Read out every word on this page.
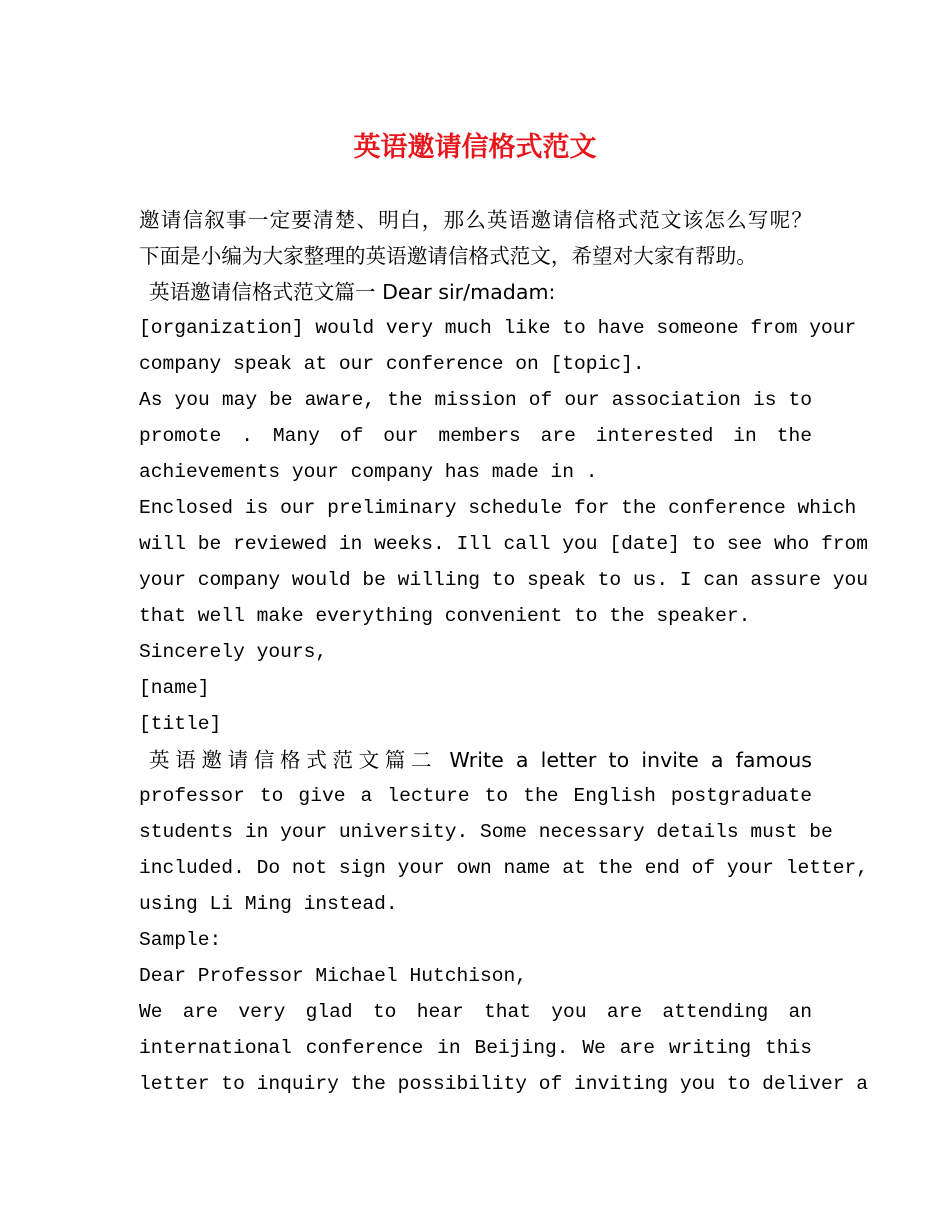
英语邀请信格式范文
邀请信叙事一定要清楚、明白，那么英语邀请信格式范文该怎么写呢？
下面是小编为大家整理的英语邀请信格式范文，希望对大家有帮助。
英语邀请信格式范文篇一 Dear sir/madam:
[organization] would very much like to have someone from your
company speak at our conference on [topic].
As you may be aware, the mission of our association is to
promote . Many of our members are interested in the
achievements your company has made in .
Enclosed is our preliminary schedule for the conference which
will be reviewed in weeks. Ill call you [date] to see who from
your company would be willing to speak to us. I can assure you
that well make everything convenient to the speaker.
Sincerely yours,
[name]
[title]
英语邀请信格式范文篇二 Write a letter to invite a famous
professor to give a lecture to the English postgraduate
students in your university. Some necessary details must be
included. Do not sign your own name at the end of your letter,
using Li Ming instead.
Sample:
Dear Professor Michael Hutchison,
We are very glad to hear that you are attending an
international conference in Beijing. We are writing this
letter to inquiry the possibility of inviting you to deliver a
